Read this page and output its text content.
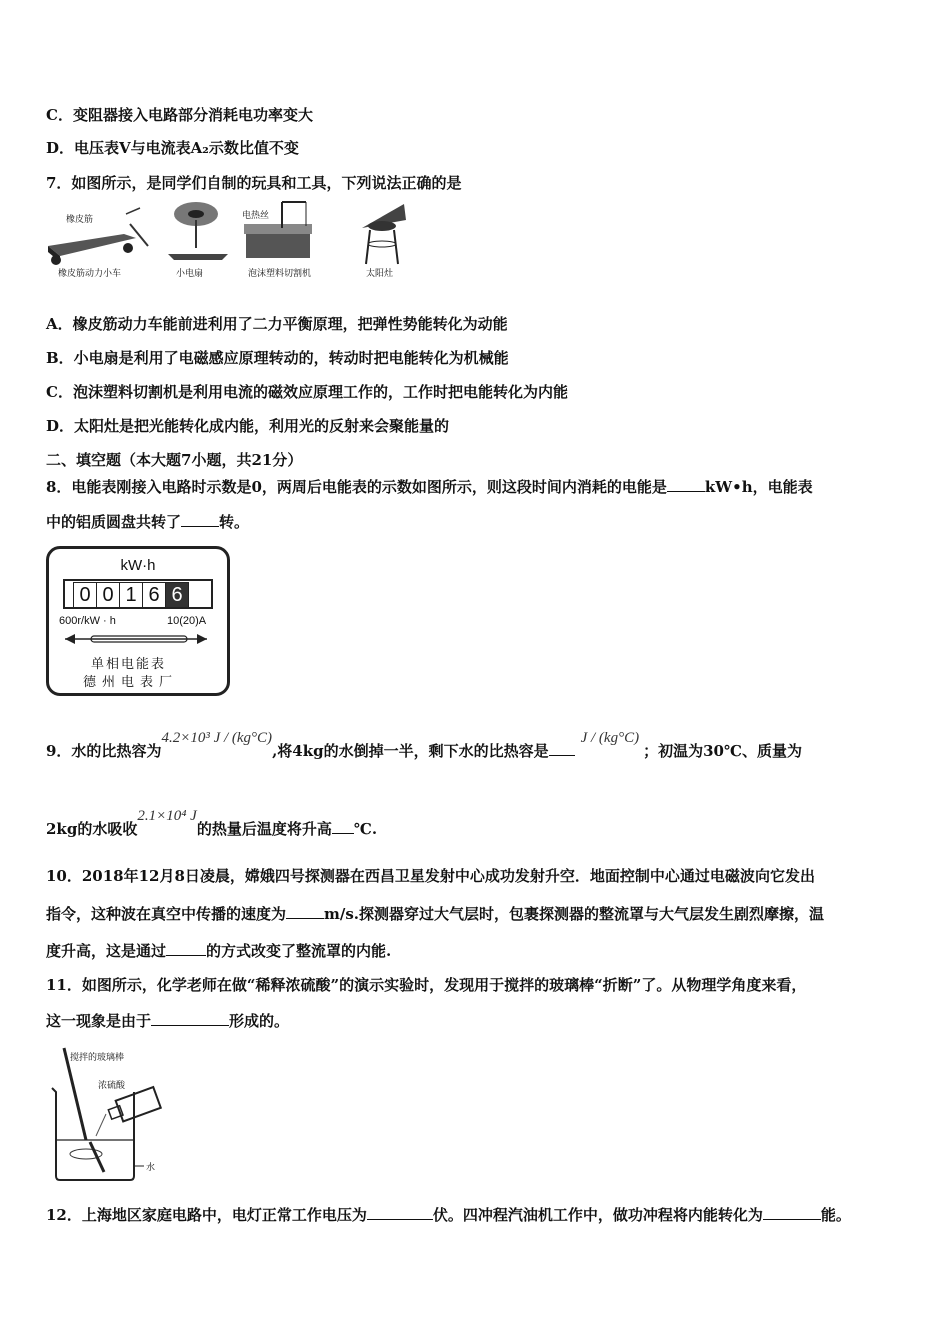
C．变阻器接入电路部分消耗电功率变大
D．电压表V与电流表A₂示数比值不变
7．如图所示，是同学们自制的玩具和工具，下列说法正确的是
橡皮筋	电热丝
橡皮筋动力小车	小电扇	泡沫塑料切割机	太阳灶
A．橡皮筋动力车能前进利用了二力平衡原理，把弹性势能转化为动能
B．小电扇是利用了电磁感应原理转动的，转动时把电能转化为机械能
C．泡沫塑料切割机是利用电流的磁效应原理工作的，工作时把电能转化为内能
D．太阳灶是把光能转化成内能，利用光的反射来会聚能量的
二、填空题（本大题7小题，共21分）
8．电能表刚接入电路时示数是0，两周后电能表的示数如图所示，则这段时间内消耗的电能是	kW•h，电能表
中的铝质圆盘共转了	转。
kW·h
0 0 1 6 6
600r/kW · h	10(20)A
单相电能表
德州电表厂
9．水的比热容为4.2×10³ J / (kg°C),将4kg的水倒掉一半，剩下水的比热容是J / (kg°C)；初温为30℃、质量为
2kg的水吸收2.1×10⁴ J的热量后温度将升高 ℃.
10．2018年12月8日凌晨，嫦娥四号探测器在西昌卫星发射中心成功发射升空．地面控制中心通过电磁波向它发出
指令，这种波在真空中传播的速度为	m/s.探测器穿过大气层时，包裹探测器的整流罩与大气层发生剧烈摩擦，温
度升高，这是通过	的方式改变了整流罩的内能.
11．如图所示，化学老师在做“稀释浓硫酸”的演示实验时，发现用于搅拌的玻璃棒“折断”了。从物理学角度来看，
这一现象是由于	形成的。
搅拌的玻璃棒
浓硫酸
水
12．上海地区家庭电路中，电灯正常工作电压为	伏。四冲程汽油机工作中，做功冲程将内能转化为	能。
